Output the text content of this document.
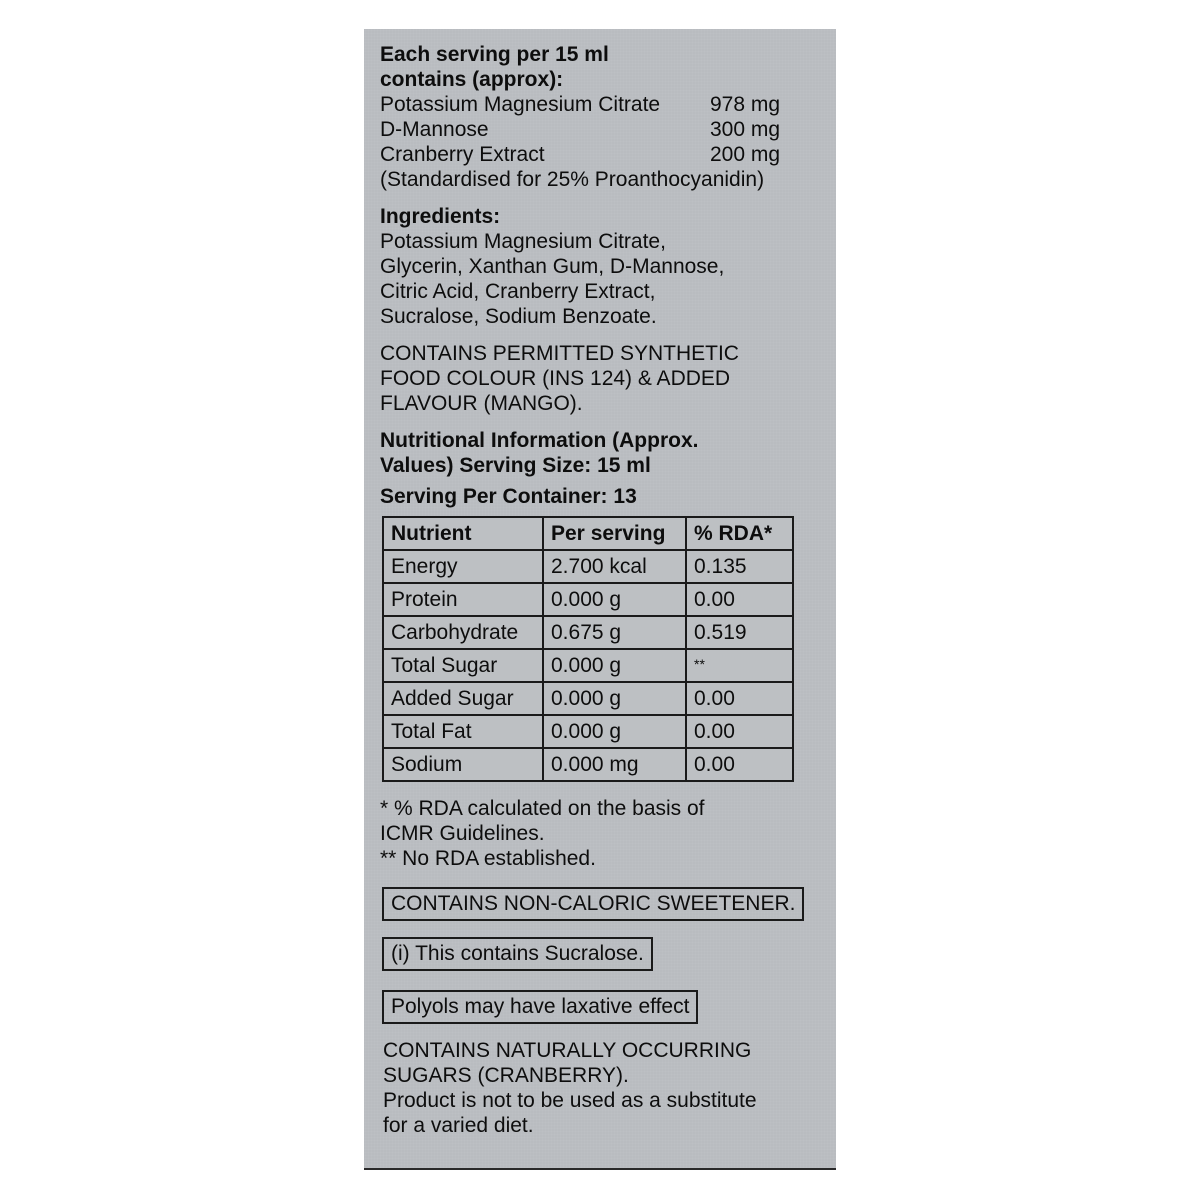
Each serving per 15 ml
contains (approx):
Potassium Magnesium Citrate 978 mg
D-Mannose	300 mg
Cranberry Extract	200 mg
(Standardised for 25% Proanthocyanidin)
Ingredients:
Potassium Magnesium Citrate,
Glycerin, Xanthan Gum, D-Mannose,
Citric Acid, Cranberry Extract,
Sucralose, Sodium Benzoate.
CONTAINS PERMITTED SYNTHETIC
FOOD COLOUR (INS 124) & ADDED
FLAVOUR (MANGO).
Nutritional Information (Approx.
Values) Serving Size: 15 ml
Serving Per Container: 13
Nutrient	Per serving	% RDA*
Energy	2.700 kcal	0.135
Protein	0.000 g	0.00
Carbohydrate	0.675 g	0.519
Total Sugar	0.000 g	**
Added Sugar	0.000 g	0.00
Total Fat	0.000 g	0.00
Sodium	0.000 mg	0.00
* % RDA calculated on the basis of
ICMR Guidelines.
** No RDA established.
CONTAINS NON-CALORIC SWEETENER.
(i) This contains Sucralose.
Polyols may have laxative effect
CONTAINS NATURALLY OCCURRING
SUGARS (CRANBERRY).
Product is not to be used as a substitute
for a varied diet.
